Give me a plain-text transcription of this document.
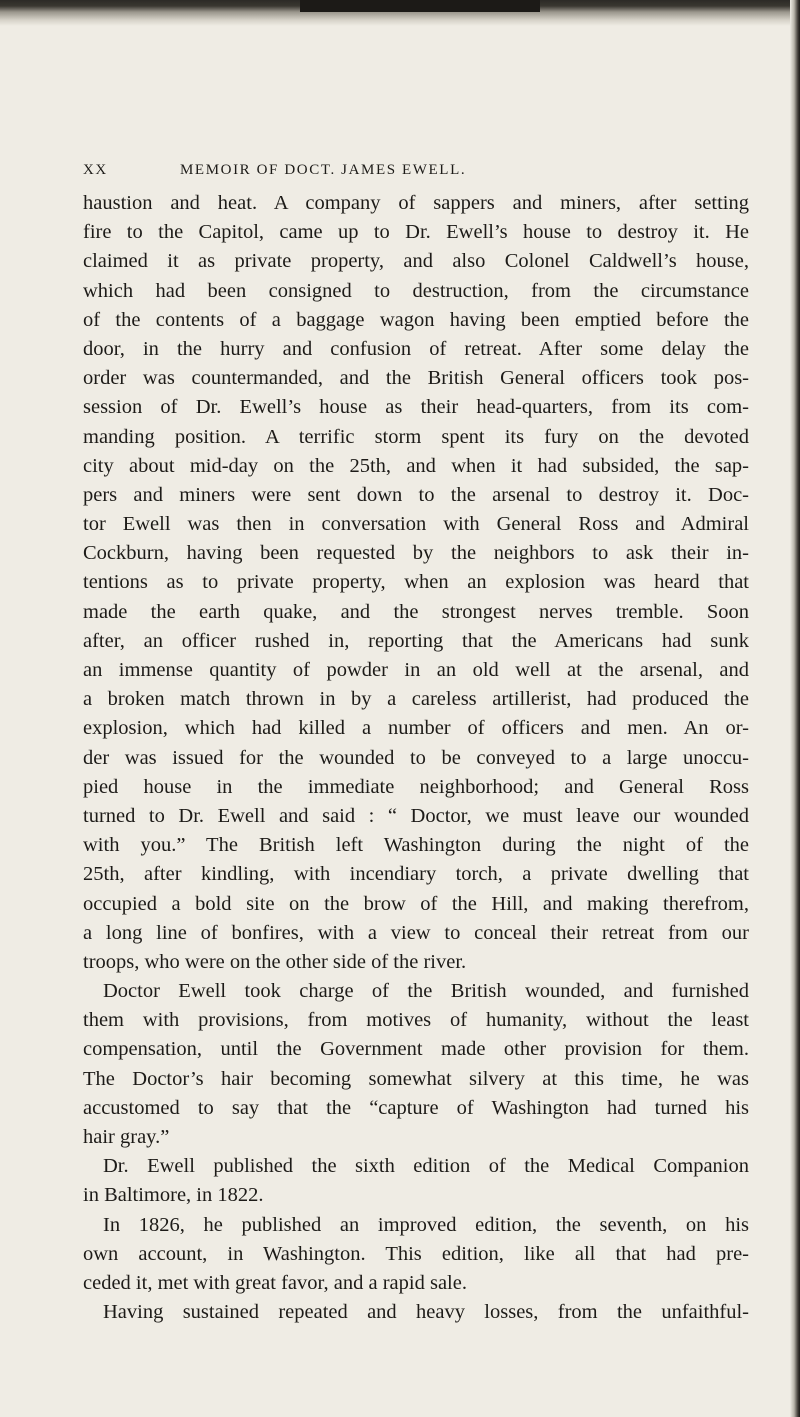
XX	MEMOIR OF DOCT. JAMES EWELL.
haustion and heat. A company of sappers and miners, after setting
fire to the Capitol, came up to Dr. Ewell’s house to destroy it. He
claimed it as private property, and also Colonel Caldwell’s house,
which had been consigned to destruction, from the circumstance
of the contents of a baggage wagon having been emptied before the
door, in the hurry and confusion of retreat. After some delay the
order was countermanded, and the British General officers took pos-
session of Dr. Ewell’s house as their head-quarters, from its com-
manding position. A terrific storm spent its fury on the devoted
city about mid-day on the 25th, and when it had subsided, the sap-
pers and miners were sent down to the arsenal to destroy it. Doc-
tor Ewell was then in conversation with General Ross and Admiral
Cockburn, having been requested by the neighbors to ask their in-
tentions as to private property, when an explosion was heard that
made the earth quake, and the strongest nerves tremble. Soon
after, an officer rushed in, reporting that the Americans had sunk
an immense quantity of powder in an old well at the arsenal, and
a broken match thrown in by a careless artillerist, had produced the
explosion, which had killed a number of officers and men. An or-
der was issued for the wounded to be conveyed to a large unoccu-
pied house in the immediate neighborhood; and General Ross
turned to Dr. Ewell and said : “ Doctor, we must leave our wounded
with you.” The British left Washington during the night of the
25th, after kindling, with incendiary torch, a private dwelling that
occupied a bold site on the brow of the Hill, and making therefrom,
a long line of bonfires, with a view to conceal their retreat from our
troops, who were on the other side of the river.
Doctor Ewell took charge of the British wounded, and furnished
them with provisions, from motives of humanity, without the least
compensation, until the Government made other provision for them.
The Doctor’s hair becoming somewhat silvery at this time, he was
accustomed to say that the “capture of Washington had turned his
hair gray.”
Dr. Ewell published the sixth edition of the Medical Companion
in Baltimore, in 1822.
In 1826, he published an improved edition, the seventh, on his
own account, in Washington. This edition, like all that had pre-
ceded it, met with great favor, and a rapid sale.
Having sustained repeated and heavy losses, from the unfaithful-
